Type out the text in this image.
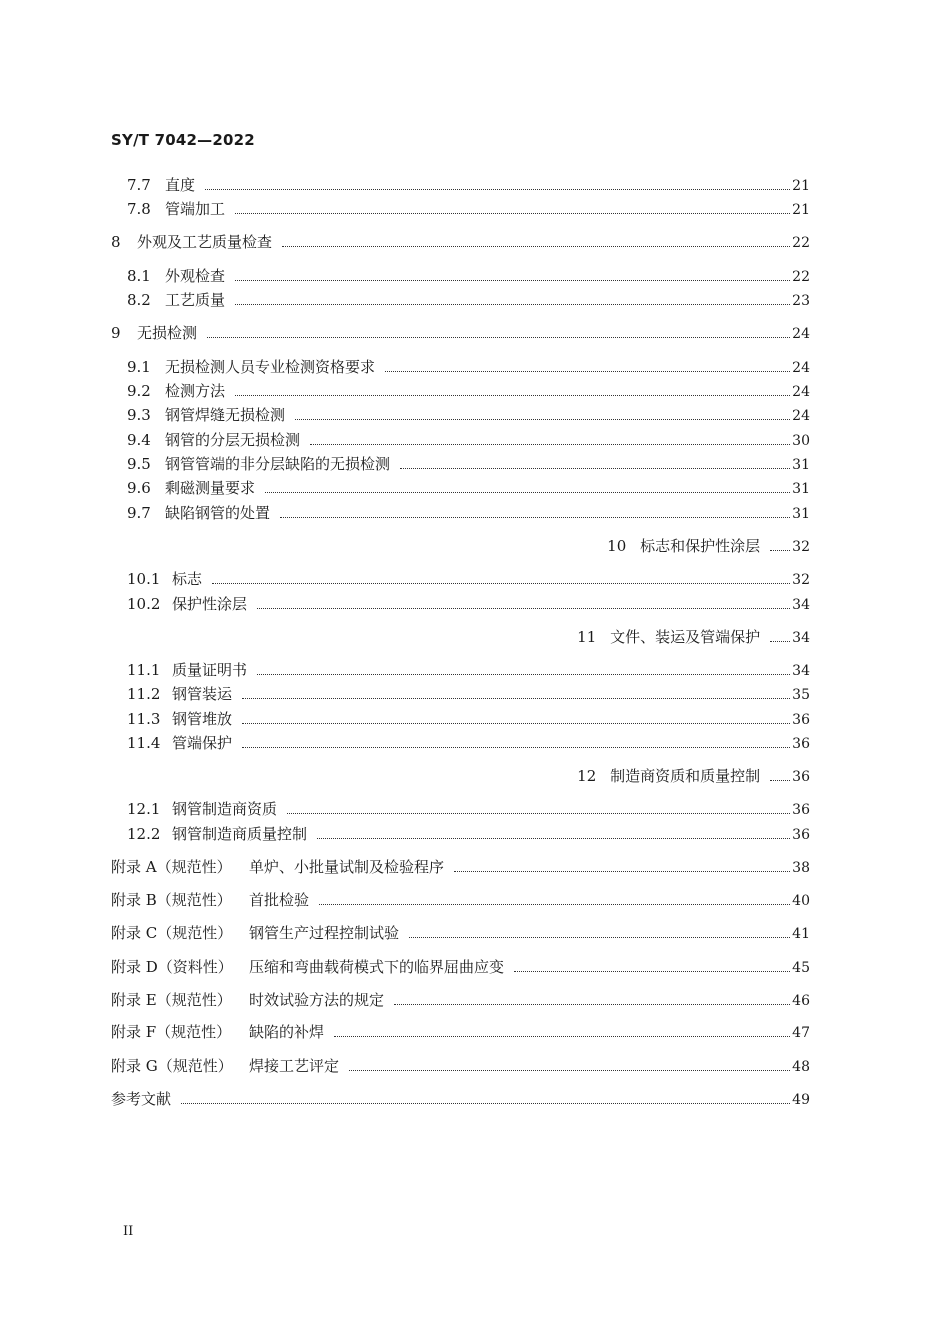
SY/T 7042—2022
7.7 直度	21
7.8 管端加工	21
8	外观及工艺质量检查	22
8.1 外观检查	22
8.2 工艺质量	23
9	无损检测	24
9.1 无损检测人员专业检测资格要求	24
9.2 检测方法	24
9.3 钢管焊缝无损检测	24
9.4 钢管的分层无损检测	30
9.5 钢管管端的非分层缺陷的无损检测	31
9.6 剩磁测量要求	31
9.7 缺陷钢管的处置	31
10 标志和保护性涂层 32
10.1 标志	32
10.2 保护性涂层	34
11 文件、装运及管端保护 34
11.1 质量证明书	34
11.2 钢管装运	35
11.3 钢管堆放	36
11.4 管端保护	36
12 制造商资质和质量控制 36
12.1 钢管制造商资质	36
12.2 钢管制造商质量控制	36
附录 A（规范性）	单炉、小批量试制及检验程序	38
附录 B（规范性）	首批检验	40
附录 C（规范性）	钢管生产过程控制试验	41
附录 D（资料性）	压缩和弯曲载荷模式下的临界屈曲应变	45
附录 E（规范性）	时效试验方法的规定	46
附录 F（规范性）	缺陷的补焊	47
附录 G（规范性）	焊接工艺评定	48
参考文献	49
II
